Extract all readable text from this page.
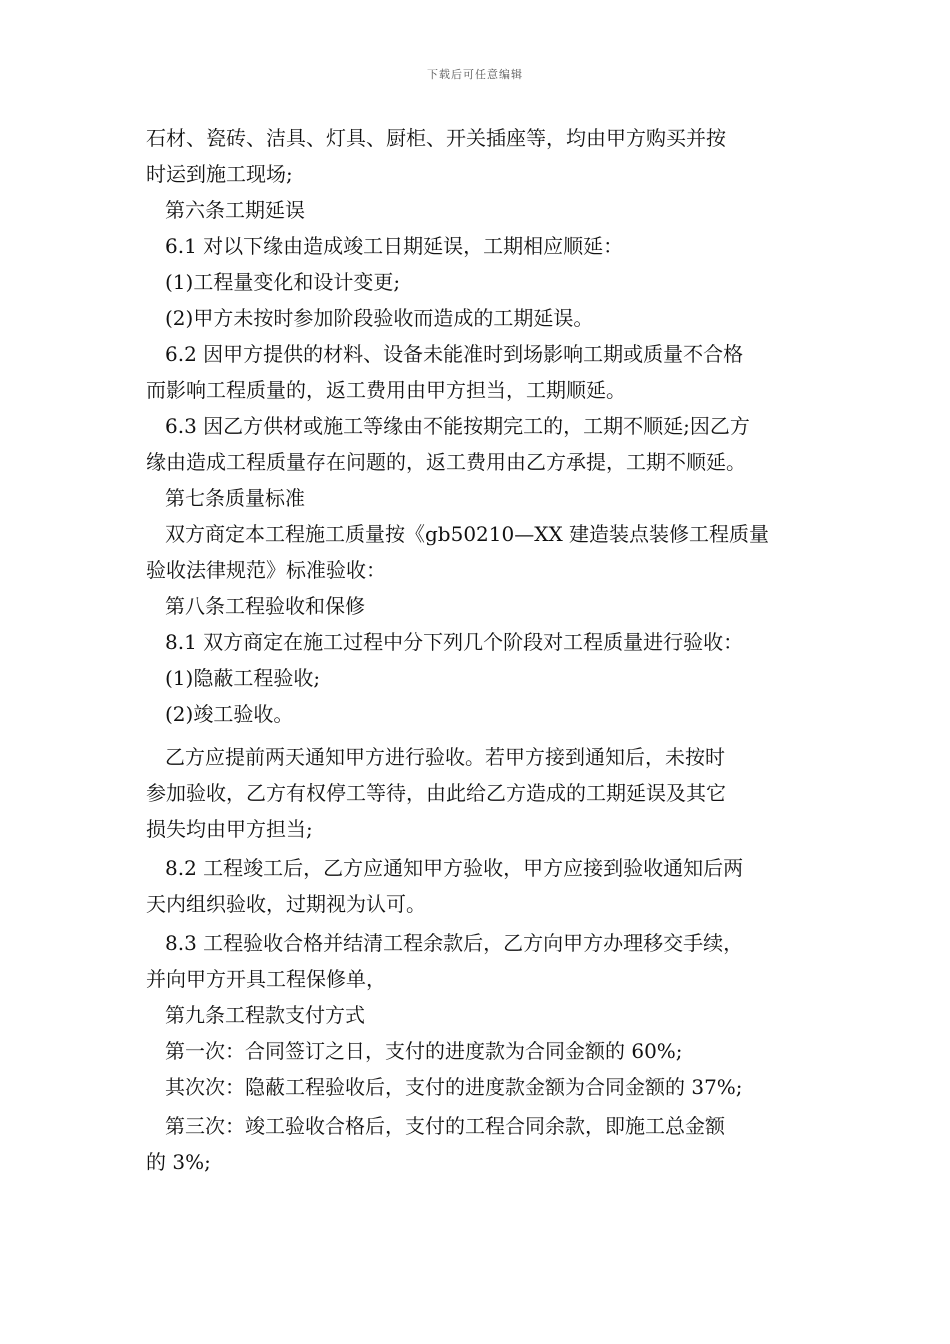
下载后可任意编辑

石材、瓷砖、洁具、灯具、厨柜、开关插座等，均由甲方购买并按

时运到施工现场;

第六条工期延误

6.1 对以下缘由造成竣工日期延误，工期相应顺延：

(1)工程量变化和设计变更;

(2)甲方未按时参加阶段验收而造成的工期延误。

6.2 因甲方提供的材料、设备未能准时到场影响工期或质量不合格

而影响工程质量的，返工费用由甲方担当，工期顺延。

6.3 因乙方供材或施工等缘由不能按期完工的，工期不顺延;因乙方

缘由造成工程质量存在问题的，返工费用由乙方承提，工期不顺延。

第七条质量标准

双方商定本工程施工质量按《gb50210—XX 建造装点装修工程质量

验收法律规范》标准验收：

第八条工程验收和保修

8.1 双方商定在施工过程中分下列几个阶段对工程质量进行验收：

(1)隐蔽工程验收;

(2)竣工验收。

乙方应提前两天通知甲方进行验收。若甲方接到通知后，未按时

参加验收，乙方有权停工等待，由此给乙方造成的工期延误及其它

损失均由甲方担当;

8.2 工程竣工后，乙方应通知甲方验收，甲方应接到验收通知后两

天内组织验收，过期视为认可。

8.3 工程验收合格并结清工程余款后，乙方向甲方办理移交手续，

并向甲方开具工程保修单，

第九条工程款支付方式

第一次：合同签订之日，支付的进度款为合同金额的 60%;

其次次：隐蔽工程验收后，支付的进度款金额为合同金额的 37%;

第三次：竣工验收合格后，支付的工程合同余款，即施工总金额

的 3%;
